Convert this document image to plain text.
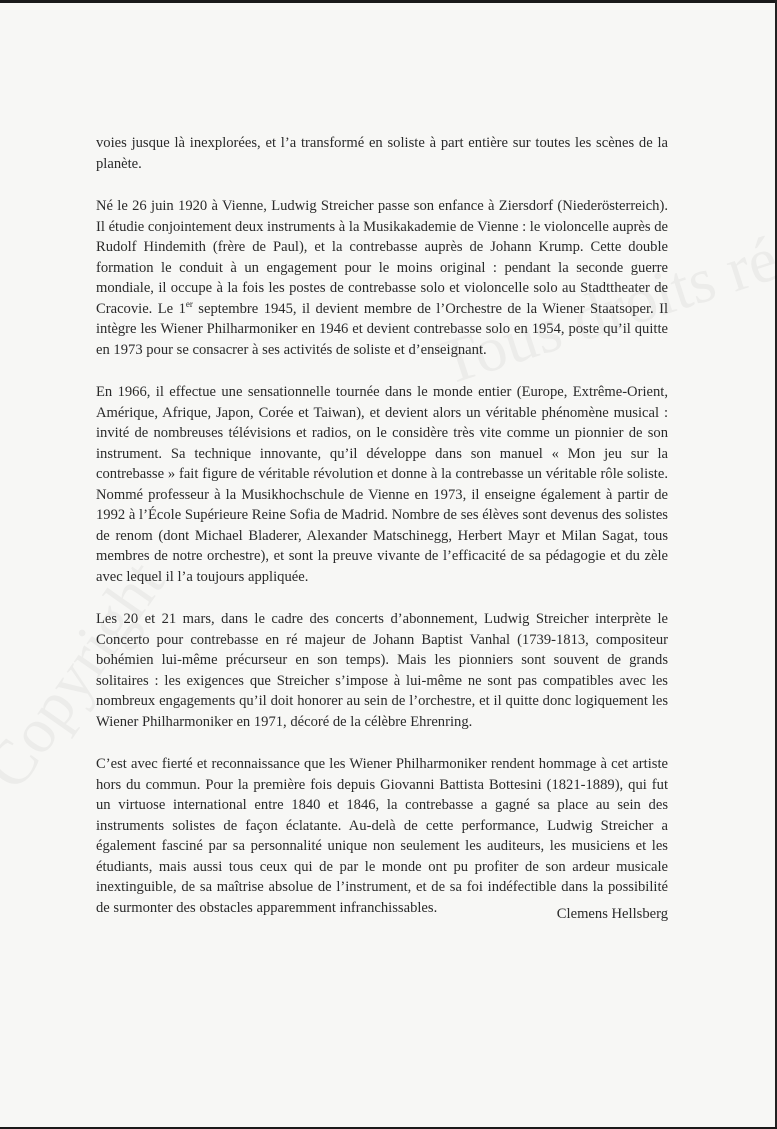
voies jusque là inexplorées, et l’a transformé en soliste à part entière sur toutes les scènes de la planète.

Né le 26 juin 1920 à Vienne, Ludwig Streicher passe son enfance à Ziersdorf (Niederösterreich). Il étudie conjointement deux instruments à la Musikakademie de Vienne : le violoncelle auprès de Rudolf Hindemith (frère de Paul), et la contrebasse auprès de Johann Krump. Cette double formation le conduit à un engagement pour le moins original : pendant la seconde guerre mondiale, il occupe à la fois les postes de contrebasse solo et violoncelle solo au Stadttheater de Cracovie. Le 1er septembre 1945, il devient membre de l’Orchestre de la Wiener Staatsoper. Il intègre les Wiener Philharmoniker en 1946 et devient contrebasse solo en 1954, poste qu’il quitte en 1973 pour se consacrer à ses activités de soliste et d’enseignant.

En 1966, il effectue une sensationnelle tournée dans le monde entier (Europe, Extrême-Orient, Amérique, Afrique, Japon, Corée et Taiwan), et devient alors un véritable phénomène musical : invité de nombreuses télévisions et radios, on le considère très vite comme un pionnier de son instrument. Sa technique innovante, qu’il développe dans son manuel « Mon jeu sur la contrebasse » fait figure de véritable révolution et donne à la contrebasse un véritable rôle soliste. Nommé professeur à la Musikhochschule de Vienne en 1973, il enseigne également à partir de 1992 à l’École Supérieure Reine Sofia de Madrid. Nombre de ses élèves sont devenus des solistes de renom (dont Michael Bladerer, Alexander Matschinegg, Herbert Mayr et Milan Sagat, tous membres de notre orchestre), et sont la preuve vivante de l’efficacité de sa pédagogie et du zèle avec lequel il l’a toujours appliquée.

Les 20 et 21 mars, dans le cadre des concerts d’abonnement, Ludwig Streicher interprète le Concerto pour contrebasse en ré majeur de Johann Baptist Vanhal (1739-1813, compositeur bohémien lui-même précurseur en son temps). Mais les pionniers sont souvent de grands solitaires : les exigences que Streicher s’impose à lui-même ne sont pas compatibles avec les nombreux engagements qu’il doit honorer au sein de l’orchestre, et il quitte donc logiquement les Wiener Philharmoniker en 1971, décoré de la célèbre Ehrenring.

C’est avec fierté et reconnaissance que les Wiener Philharmoniker rendent hommage à cet artiste hors du commun. Pour la première fois depuis Giovanni Battista Bottesini (1821-1889), qui fut un virtuose international entre 1840 et 1846, la contrebasse a gagné sa place au sein des instruments solistes de façon éclatante. Au-delà de cette performance, Ludwig Streicher a également fasciné par sa personnalité unique non seulement les auditeurs, les musiciens et les étudiants, mais aussi tous ceux qui de par le monde ont pu profiter de son ardeur musicale inextinguible, de sa maîtrise absolue de l’instrument, et de sa foi indéfectible dans la possibilité de surmonter des obstacles apparemment infranchissables.	Clemens Hellsberg
